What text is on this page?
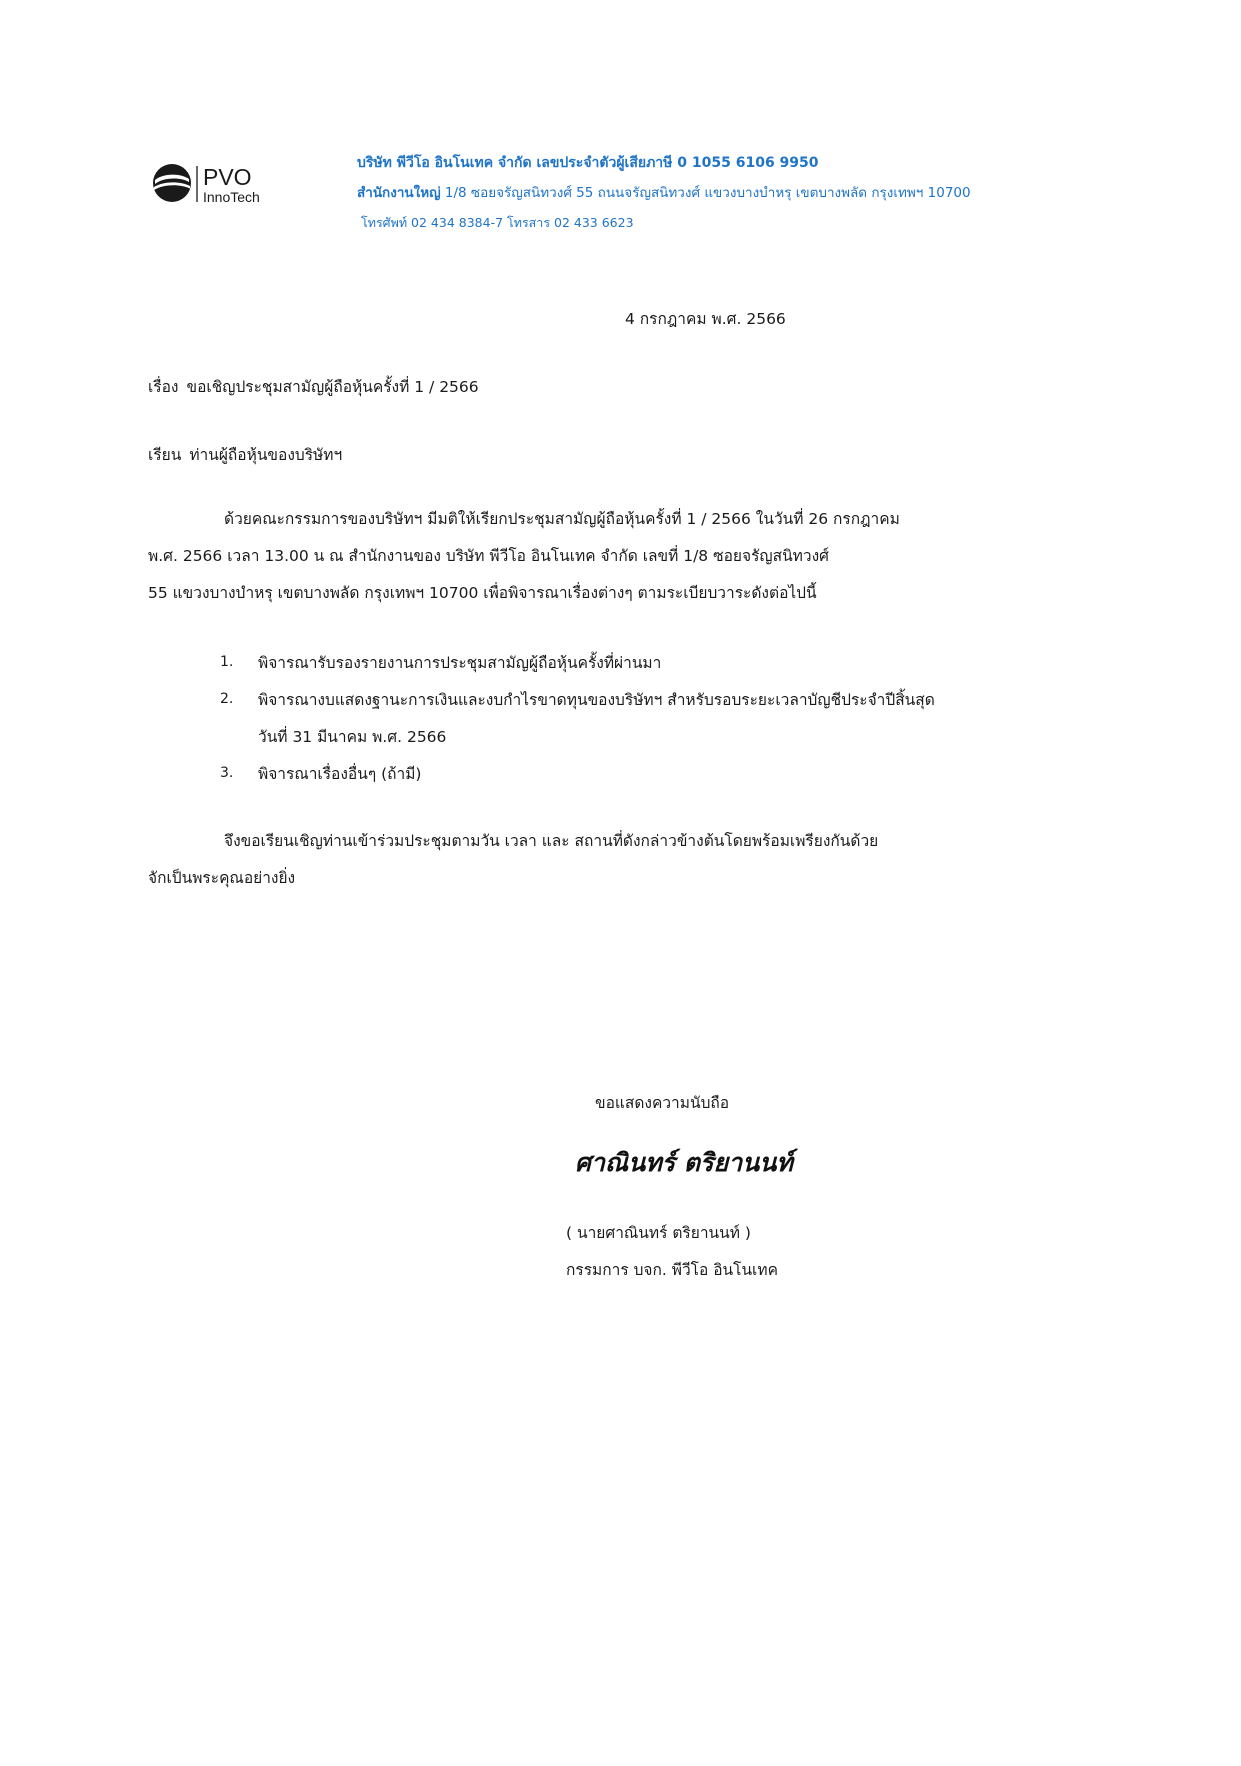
PVO
InnoTech
บริษัท พีวีโอ อินโนเทค จำกัด เลขประจำตัวผู้เสียภาษี 0 1055 6106 9950
สำนักงานใหญ่ 1/8 ซอยจรัญสนิทวงศ์ 55 ถนนจรัญสนิทวงศ์ แขวงบางบำหรุ เขตบางพลัด กรุงเทพฯ 10700
โทรศัพท์ 02 434 8384-7 โทรสาร 02 433 6623
4 กรกฎาคม พ.ศ. 2566
เรื่อง ขอเชิญประชุมสามัญผู้ถือหุ้นครั้งที่ 1 / 2566
เรียน ท่านผู้ถือหุ้นของบริษัทฯ
ด้วยคณะกรรมการของบริษัทฯ มีมติให้เรียกประชุมสามัญผู้ถือหุ้นครั้งที่ 1 / 2566 ในวันที่ 26 กรกฎาคม
พ.ศ. 2566 เวลา 13.00 น ณ สำนักงานของ บริษัท พีวีโอ อินโนเทค จำกัด เลขที่ 1/8 ซอยจรัญสนิทวงศ์
55 แขวงบางบำหรุ เขตบางพลัด กรุงเทพฯ 10700 เพื่อพิจารณาเรื่องต่างๆ ตามระเบียบวาระดังต่อไปนี้
1. พิจารณารับรองรายงานการประชุมสามัญผู้ถือหุ้นครั้งที่ผ่านมา
2. พิจารณางบแสดงฐานะการเงินและงบกำไรขาดทุนของบริษัทฯ สำหรับรอบระยะเวลาบัญชีประจำปีสิ้นสุด
วันที่ 31 มีนาคม พ.ศ. 2566
3. พิจารณาเรื่องอื่นๆ (ถ้ามี)
จึงขอเรียนเชิญท่านเข้าร่วมประชุมตามวัน เวลา และ สถานที่ดังกล่าวข้างต้นโดยพร้อมเพรียงกันด้วย
จักเป็นพระคุณอย่างยิ่ง
ขอแสดงความนับถือ
ศาณินทร์ ตริยานนท์
( นายศาณินทร์ ตริยานนท์ )
กรรมการ บจก. พีวีโอ อินโนเทค
